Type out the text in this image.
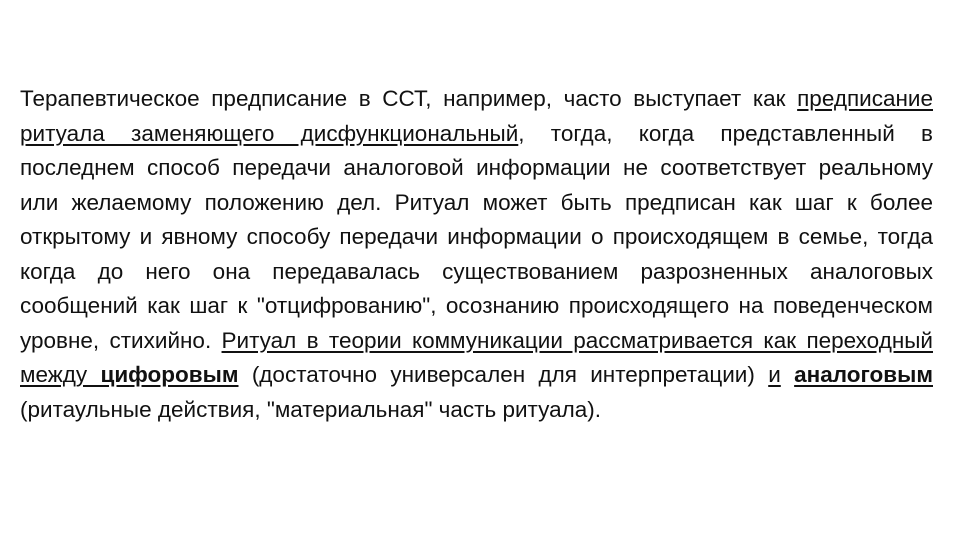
Терапевтическое предписание в ССТ, например, часто выступает как предписание ритуала заменяющего дисфункциональный, тогда, когда представленный в последнем способ передачи аналоговой информации не соответствует реальному или желаемому положению дел. Ритуал может быть предписан как шаг к более открытому и явному способу передачи информации о происходящем в семье, тогда когда до него она передавалась существованием разрозненных аналоговых сообщений как шаг к "отцифрованию", осознанию происходящего на поведенческом уровне, стихийно. Ритуал в теории коммуникации рассматривается как переходный между цифоровым (достаточно универсален для интерпретации) и аналоговым (ритаульные действия, "материальная" часть ритуала).
